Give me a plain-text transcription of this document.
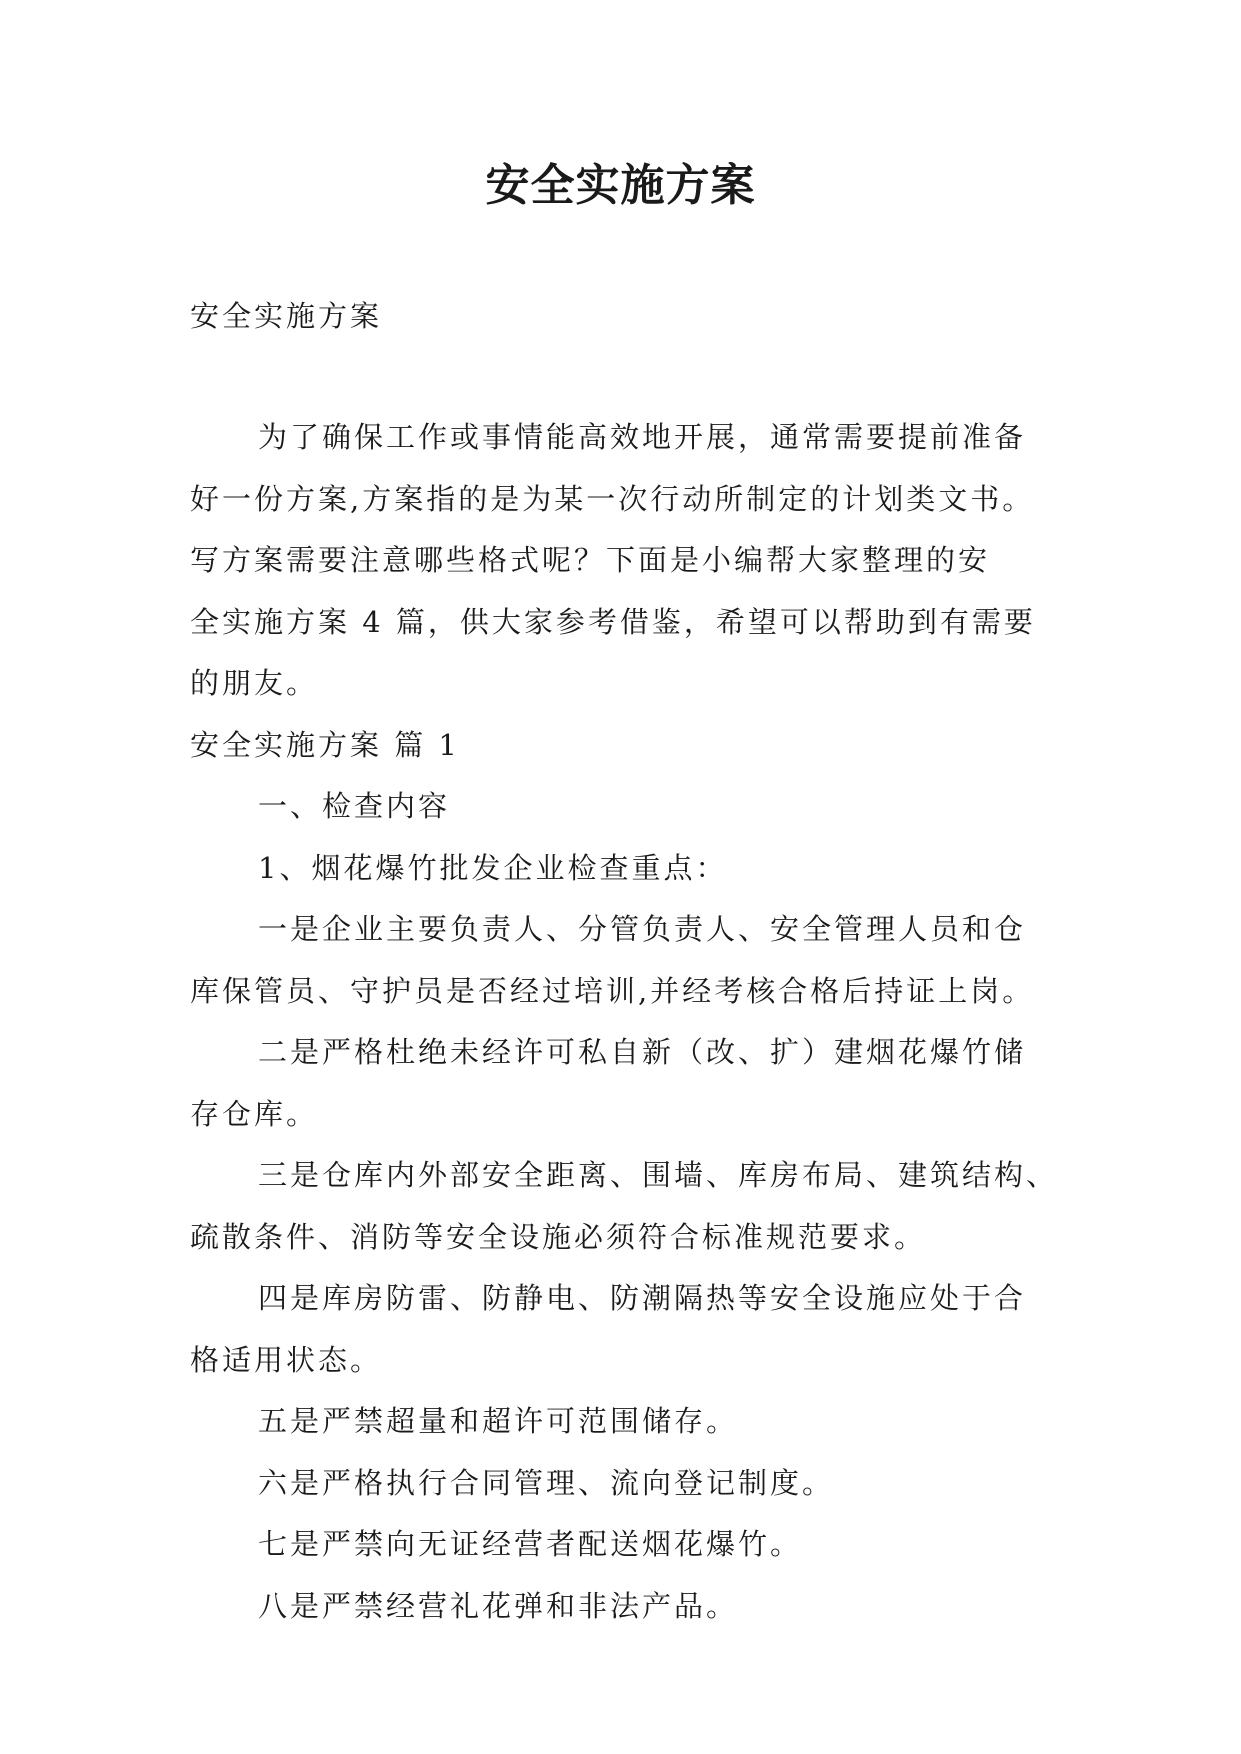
安全实施方案

安全实施方案

为了确保工作或事情能高效地开展，通常需要提前准备
好一份方案,方案指的是为某一次行动所制定的计划类文书。
写方案需要注意哪些格式呢？下面是小编帮大家整理的安
全实施方案 4 篇，供大家参考借鉴，希望可以帮助到有需要
的朋友。
安全实施方案 篇 1
一、检查内容
1、烟花爆竹批发企业检查重点：
一是企业主要负责人、分管负责人、安全管理人员和仓
库保管员、守护员是否经过培训,并经考核合格后持证上岗。
二是严格杜绝未经许可私自新（改、扩）建烟花爆竹储
存仓库。
三是仓库内外部安全距离、围墙、库房布局、建筑结构、
疏散条件、消防等安全设施必须符合标准规范要求。
四是库房防雷、防静电、防潮隔热等安全设施应处于合
格适用状态。
五是严禁超量和超许可范围储存。
六是严格执行合同管理、流向登记制度。
七是严禁向无证经营者配送烟花爆竹。
八是严禁经营礼花弹和非法产品。
